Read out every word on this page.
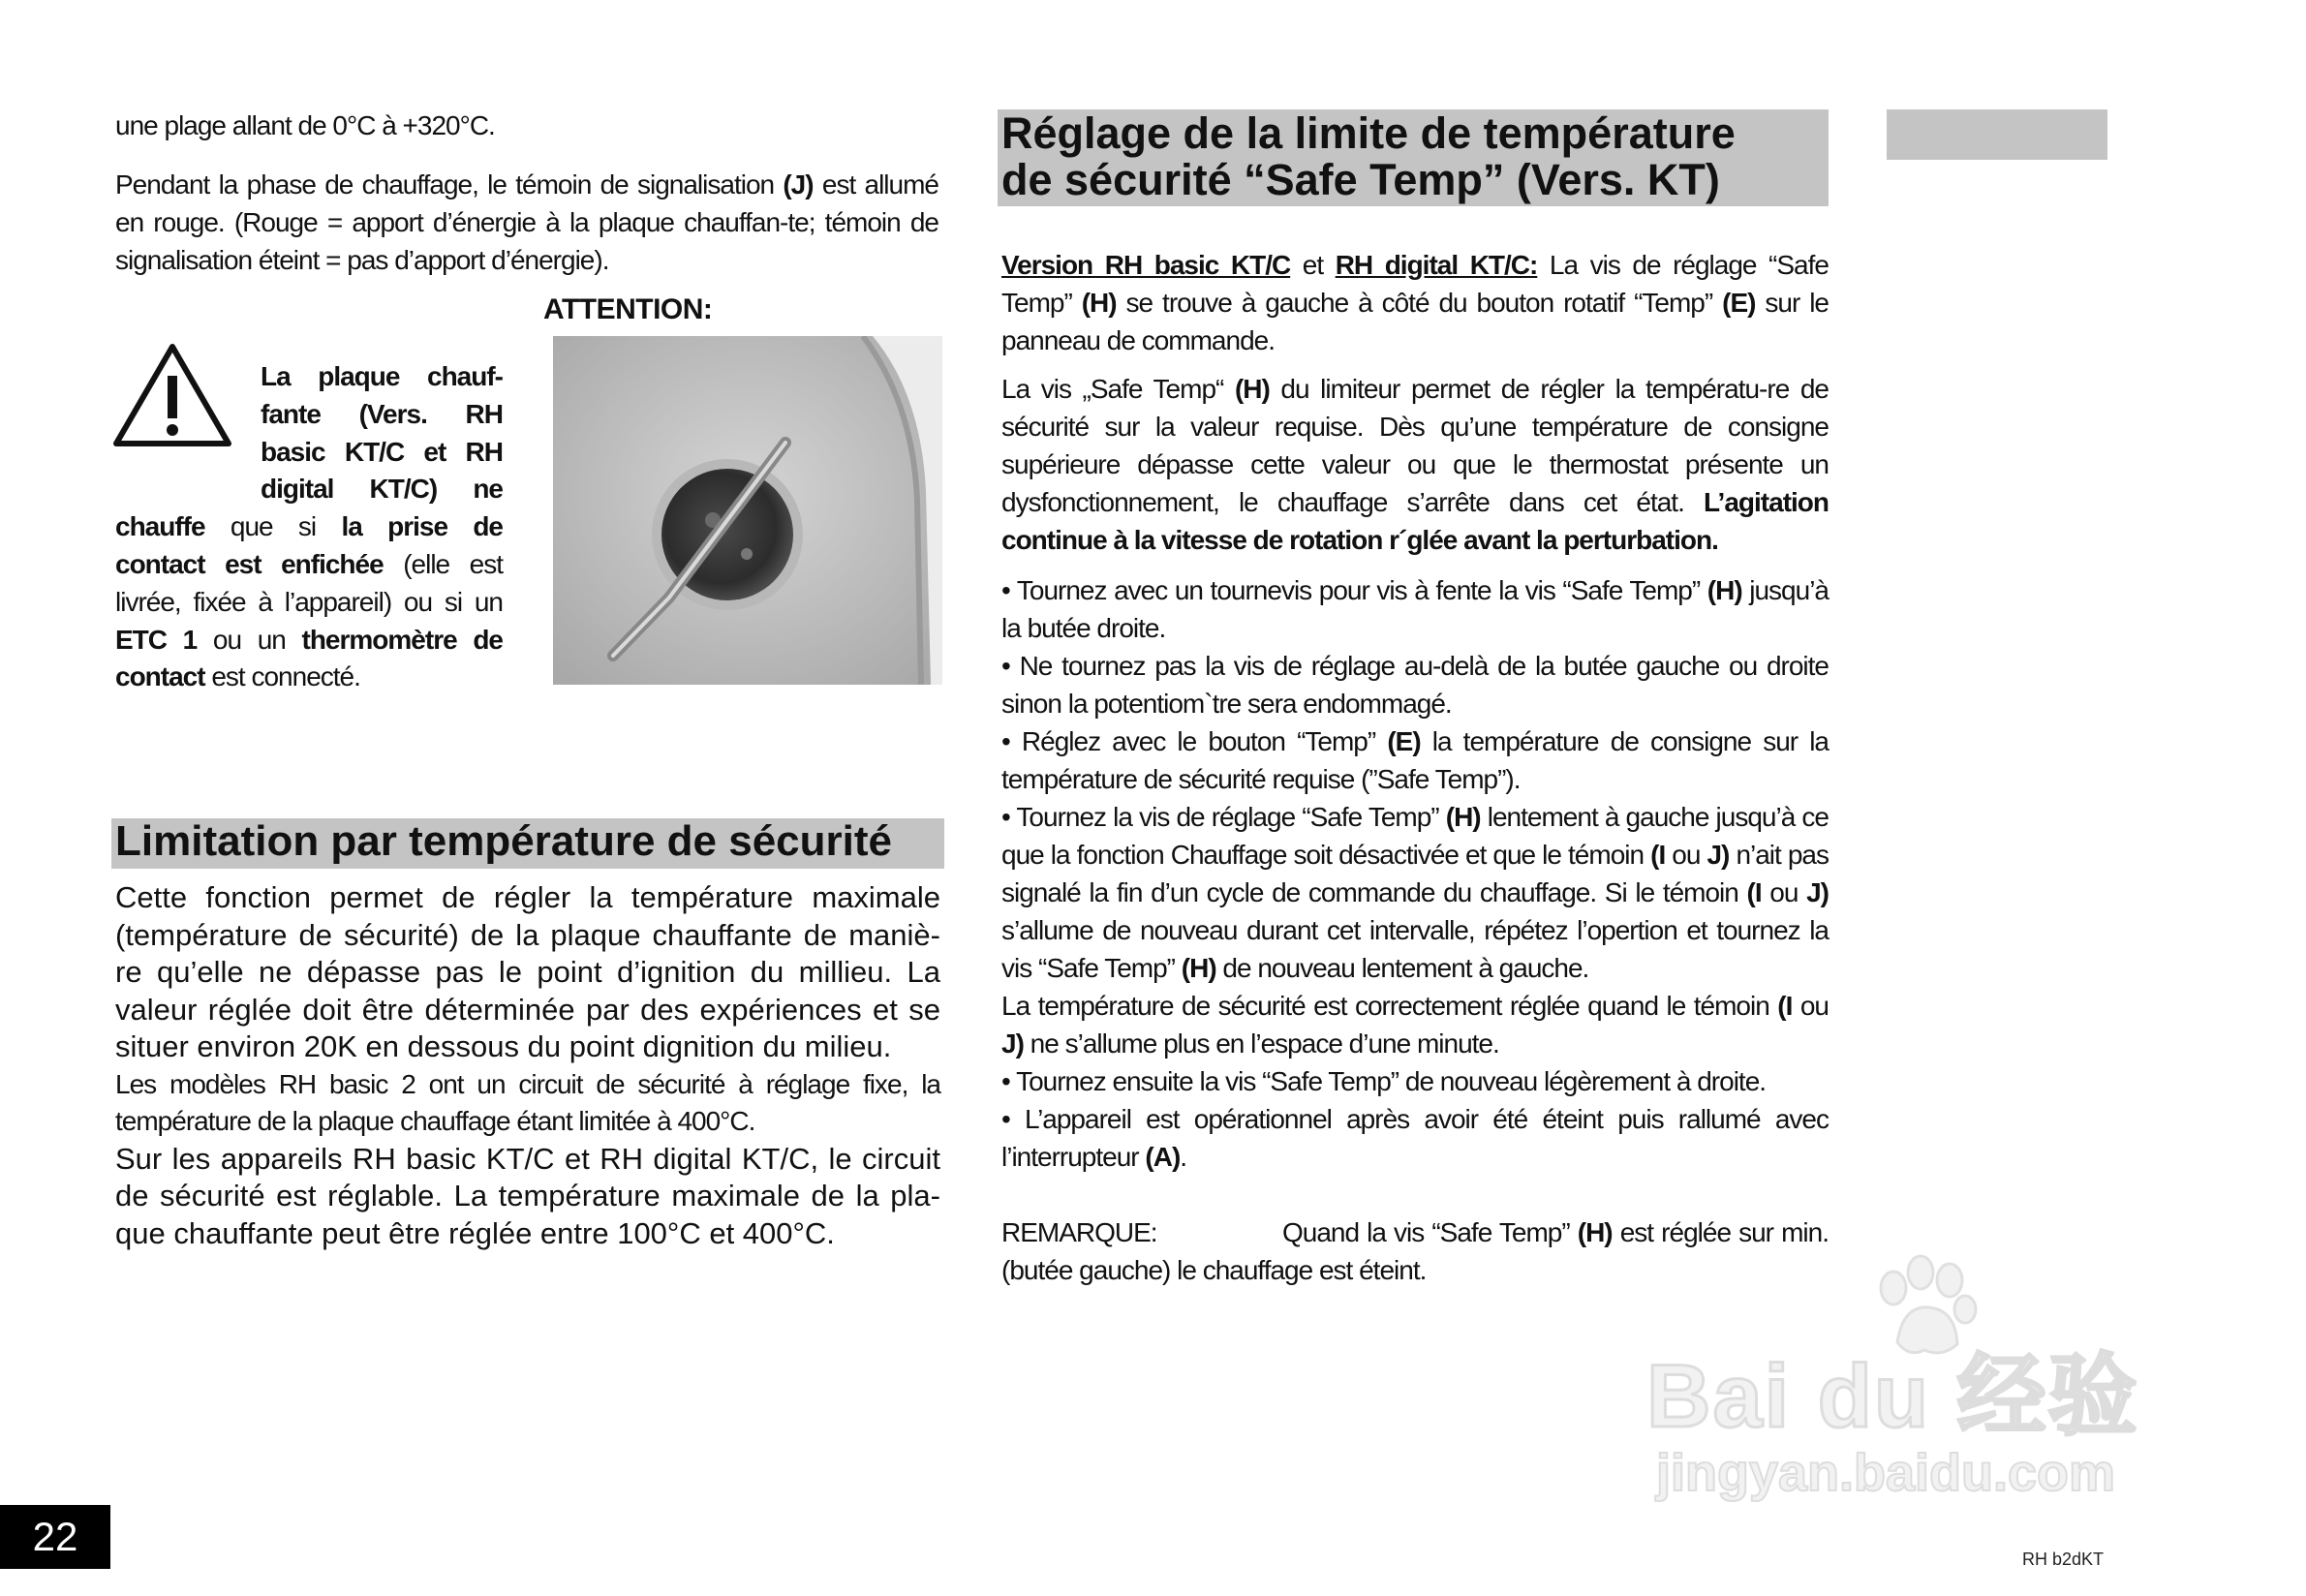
une plage allant de 0°C à +320°C.

Pendant la phase de chauffage, le témoin de signalisation (J) est allumé en rouge. (Rouge = apport d’énergie à la plaque chauffan-te; témoin de signalisation éteint = pas d’apport d’énergie).

ATTENTION:
La plaque chauf-fante (Vers. RH basic KT/C et RH digital KT/C) ne chauffe que si la prise de contact est enfichée (elle est livrée, fixée à l’appareil) ou si un ETC 1 ou un thermomètre de contact est connecté.
Limitation par température de sécurité

Cette fonction permet de régler la température maximale (température de sécurité) de la plaque chauffante de maniè-re qu’elle ne dépasse pas le point d’ignition du millieu. La valeur réglée doit être déterminée par des expériences et se situer environ 20K en dessous du point dignition du milieu.

Les modèles RH basic 2 ont un circuit de sécurité à réglage fixe, la température de la plaque chauffage étant limitée à 400°C.

Sur les appareils RH basic KT/C et RH digital KT/C, le circuit de sécurité est réglable. La température maximale de la pla-que chauffante peut être réglée entre 100°C et 400°C.

Réglage de la limite de température
de sécurité “Safe Temp” (Vers. KT)

Version RH basic KT/C et RH digital KT/C: La vis de réglage “Safe Temp” (H) se trouve à gauche à côté du bouton rotatif “Temp” (E) sur le panneau de commande.

La vis „Safe Temp“ (H) du limiteur permet de régler la températu-re de sécurité sur la valeur requise. Dès qu’une température de consigne supérieure dépasse cette valeur ou que le thermostat présente un dysfonctionnement, le chauffage s’arrête dans cet état. L’agitation continue à la vitesse de rotation r´glée avant la perturbation.

• Tournez avec un tournevis pour vis à fente la vis “Safe Temp” (H) jusqu’à la butée droite.

• Ne tournez pas la vis de réglage au-delà de la butée gauche ou droite sinon la potentiom`tre sera endommagé.

• Réglez avec le bouton “Temp” (E) la température de consigne sur la température de sécurité requise (”Safe Temp”).

• Tournez la vis de réglage “Safe Temp” (H) lentement à gauche jusqu’à ce que la fonction Chauffage soit désactivée et que le témoin (I ou J) n’ait pas signalé la fin d’un cycle de commande du chauffage. Si le témoin (I ou J) s’allume de nouveau durant cet intervalle, répétez l’opertion et tournez la vis “Safe Temp” (H) de nouveau lentement à gauche.

La température de sécurité est correctement réglée quand le témoin (I ou J) ne s’allume plus en l’espace d’une minute.

• Tournez ensuite la vis “Safe Temp” de nouveau légèrement à droite.

• L’appareil est opérationnel après avoir été éteint puis rallumé avec l’interrupteur (A).

REMARQUE:	Quand la vis “Safe Temp” (H) est réglée sur min. (butée gauche) le chauffage est éteint.

Bai du 经验
jingyan.baidu.com
22	RH b2dKT
